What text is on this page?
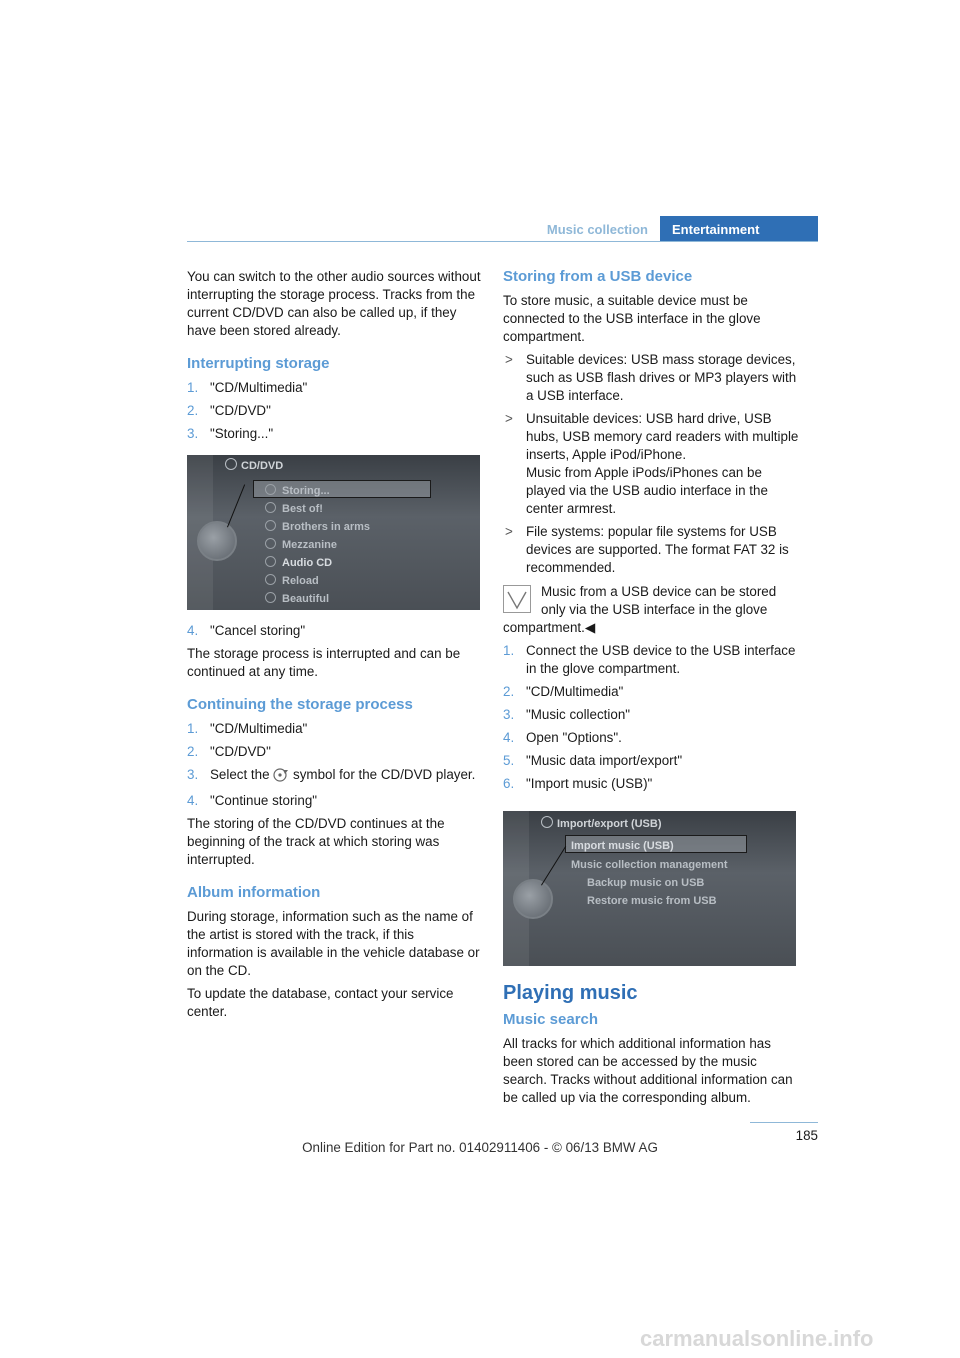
Music collection	Entertainment

You can switch to the other audio sources without interrupting the storage process. Tracks from the current CD/DVD can also be called up, if they have been stored already.

Interrupting storage
1. "CD/Multimedia"
2. "CD/DVD"
3. "Storing..."
CD/DVD
Storing...
Best of!
Brothers in arms
Mezzanine
Audio CD
Reload
Beautiful
4. "Cancel storing"

The storage process is interrupted and can be continued at any time.

Continuing the storage process
1. "CD/Multimedia"
2. "CD/DVD"
3. Select the symbol for the CD/DVD player.
4. "Continue storing"

The storing of the CD/DVD continues at the beginning of the track at which storing was interrupted.

Album information

During storage, information such as the name of the artist is stored with the track, if this information is available in the vehicle database or on the CD.

To update the database, contact your service center.

Storing from a USB device

To store music, a suitable device must be connected to the USB interface in the glove compartment.

> Suitable devices: USB mass storage devices, such as USB flash drives or MP3 players with a USB interface.
> Unsuitable devices: USB hard drive, USB hubs, USB memory card readers with multiple inserts, Apple iPod/iPhone.
Music from Apple iPods/iPhones can be played via the USB audio interface in the center armrest.
> File systems: popular file systems for USB devices are supported. The format FAT 32 is recommended.
Music from a USB device can be stored only via the USB interface in the glove compartment.◀
1. Connect the USB device to the USB interface in the glove compartment.
2. "CD/Multimedia"
3. "Music collection"
4. Open "Options".
5. "Music data import/export"
6. "Import music (USB)"
Import/export (USB)
Import music (USB)
Music collection management
Backup music on USB
Restore music from USB
Playing music
Music search

All tracks for which additional information has been stored can be accessed by the music search. Tracks without additional information can be called up via the corresponding album.

185
Online Edition for Part no. 01402911406 - © 06/13 BMW AG
carmanualsonline.info
